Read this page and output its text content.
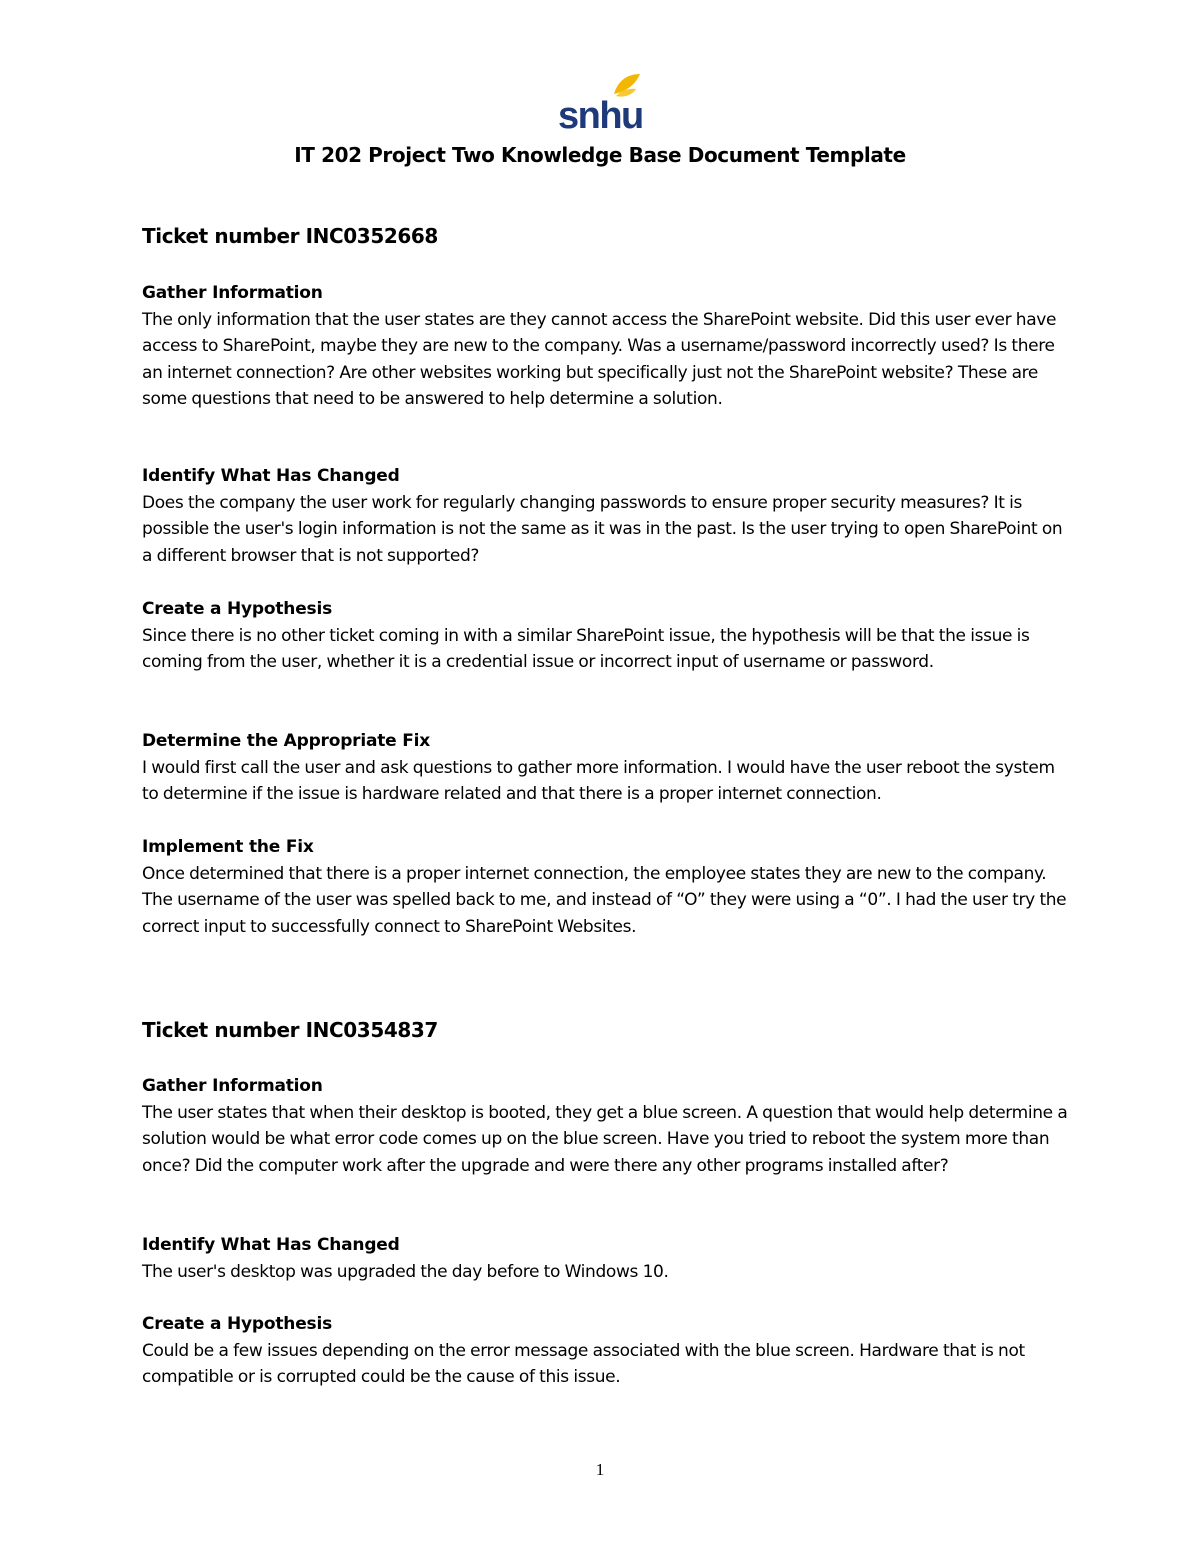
snhu
IT 202 Project Two Knowledge Base Document Template
Ticket number INC0352668
Gather Information
The only information that the user states are they cannot access the SharePoint website. Did this user ever have access to SharePoint, maybe they are new to the company. Was a username/password incorrectly used? Is there an internet connection? Are other websites working but specifically just not the SharePoint website? These are some questions that need to be answered to help determine a solution.
Identify What Has Changed
Does the company the user work for regularly changing passwords to ensure proper security measures? It is possible the user's login information is not the same as it was in the past. Is the user trying to open SharePoint on a different browser that is not supported?
Create a Hypothesis
Since there is no other ticket coming in with a similar SharePoint issue, the hypothesis will be that the issue is coming from the user, whether it is a credential issue or incorrect input of username or password.
Determine the Appropriate Fix
I would first call the user and ask questions to gather more information. I would have the user reboot the system to determine if the issue is hardware related and that there is a proper internet connection.
Implement the Fix
Once determined that there is a proper internet connection, the employee states they are new to the company. The username of the user was spelled back to me, and instead of “O” they were using a “0”. I had the user try the correct input to successfully connect to SharePoint Websites.
Ticket number INC0354837
Gather Information
The user states that when their desktop is booted, they get a blue screen. A question that would help determine a solution would be what error code comes up on the blue screen. Have you tried to reboot the system more than once? Did the computer work after the upgrade and were there any other programs installed after?
Identify What Has Changed
The user's desktop was upgraded the day before to Windows 10.
Create a Hypothesis
Could be a few issues depending on the error message associated with the blue screen. Hardware that is not compatible or is corrupted could be the cause of this issue.
1
